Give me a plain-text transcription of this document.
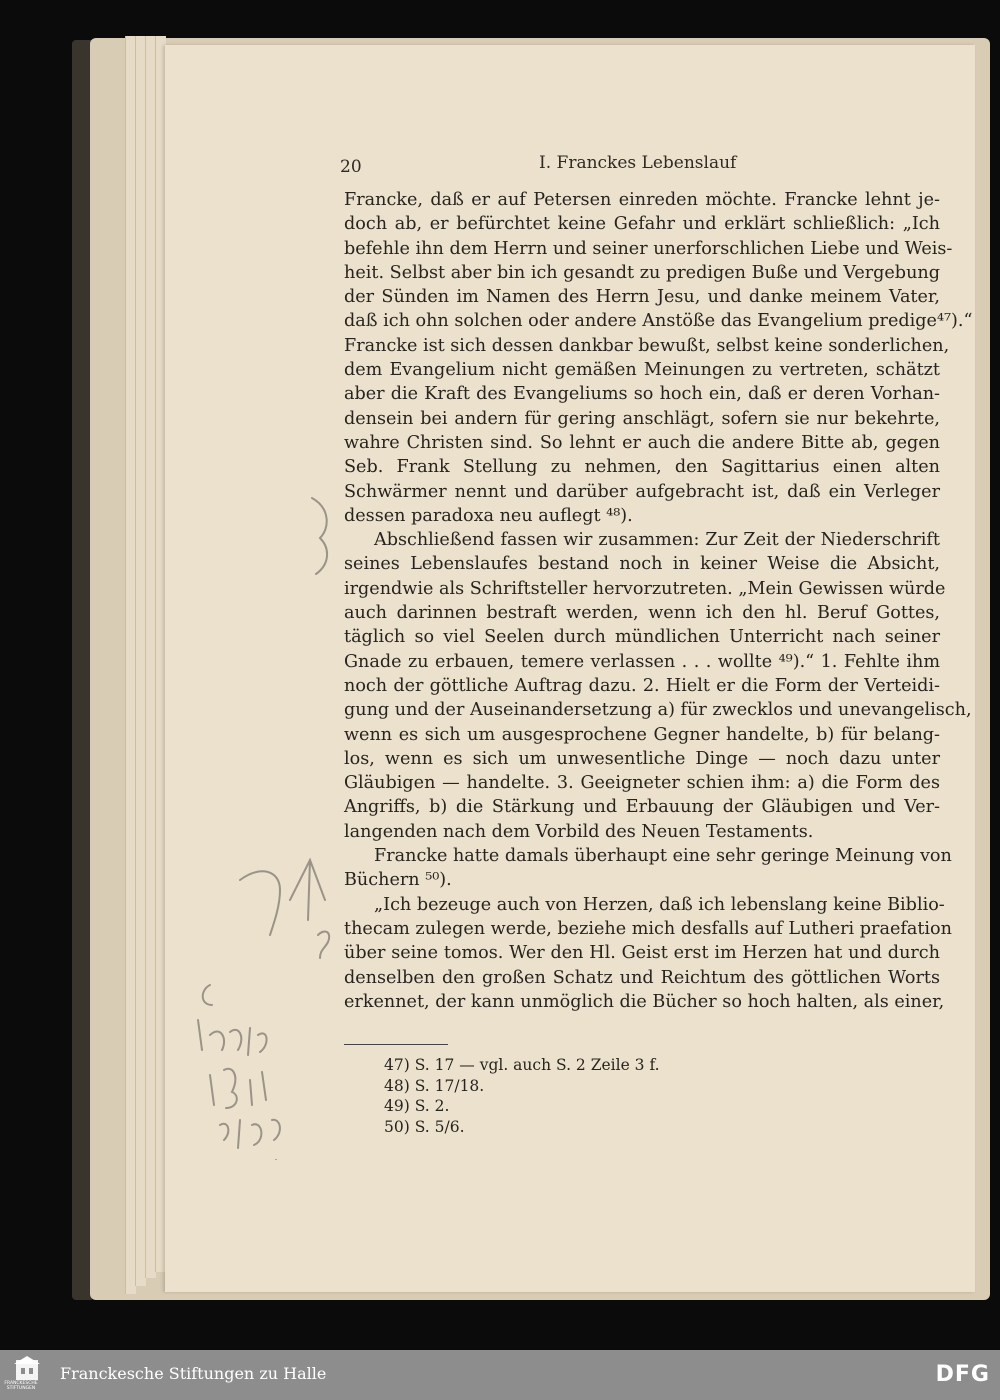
20	I. Franckes Lebenslauf
Francke, daß er auf Petersen einreden möchte. Francke lehnt je-
doch ab, er befürchtet keine Gefahr und erklärt schließlich: „Ich
befehle ihn dem Herrn und seiner unerforschlichen Liebe und Weis-
heit. Selbst aber bin ich gesandt zu predigen Buße und Vergebung
der Sünden im Namen des Herrn Jesu, und danke meinem Vater,
daß ich ohn solchen oder andere Anstöße das Evangelium predige⁴⁷).“
Francke ist sich dessen dankbar bewußt, selbst keine sonderlichen,
dem Evangelium nicht gemäßen Meinungen zu vertreten, schätzt
aber die Kraft des Evangeliums so hoch ein, daß er deren Vorhan-
densein bei andern für gering anschlägt, sofern sie nur bekehrte,
wahre Christen sind. So lehnt er auch die andere Bitte ab, gegen
Seb. Frank Stellung zu nehmen, den Sagittarius einen alten
Schwärmer nennt und darüber aufgebracht ist, daß ein Verleger
dessen paradoxa neu auflegt ⁴⁸).
Abschließend fassen wir zusammen: Zur Zeit der Niederschrift
seines Lebenslaufes bestand noch in keiner Weise die Absicht,
irgendwie als Schriftsteller hervorzutreten. „Mein Gewissen würde
auch darinnen bestraft werden, wenn ich den hl. Beruf Gottes,
täglich so viel Seelen durch mündlichen Unterricht nach seiner
Gnade zu erbauen, temere verlassen . . . wollte ⁴⁹).“ 1. Fehlte ihm
noch der göttliche Auftrag dazu. 2. Hielt er die Form der Verteidi-
gung und der Auseinandersetzung a) für zwecklos und unevangelisch,
wenn es sich um ausgesprochene Gegner handelte, b) für belang-
los, wenn es sich um unwesentliche Dinge — noch dazu unter
Gläubigen — handelte. 3. Geeigneter schien ihm: a) die Form des
Angriffs, b) die Stärkung und Erbauung der Gläubigen und Ver-
langenden nach dem Vorbild des Neuen Testaments.
Francke hatte damals überhaupt eine sehr geringe Meinung von
Büchern ⁵⁰).
„Ich bezeuge auch von Herzen, daß ich lebenslang keine Biblio-
thecam zulegen werde, beziehe mich desfalls auf Lutheri praefation
über seine tomos. Wer den Hl. Geist erst im Herzen hat und durch
denselben den großen Schatz und Reichtum des göttlichen Worts
erkennet, der kann unmöglich die Bücher so hoch halten, als einer,
47) S. 17 — vgl. auch S. 2 Zeile 3 f.
48) S. 17/18.
49) S. 2.
50) S. 5/6.
FRANCKESCHE STIFTUNGEN
Franckesche Stiftungen zu Halle	DFG
